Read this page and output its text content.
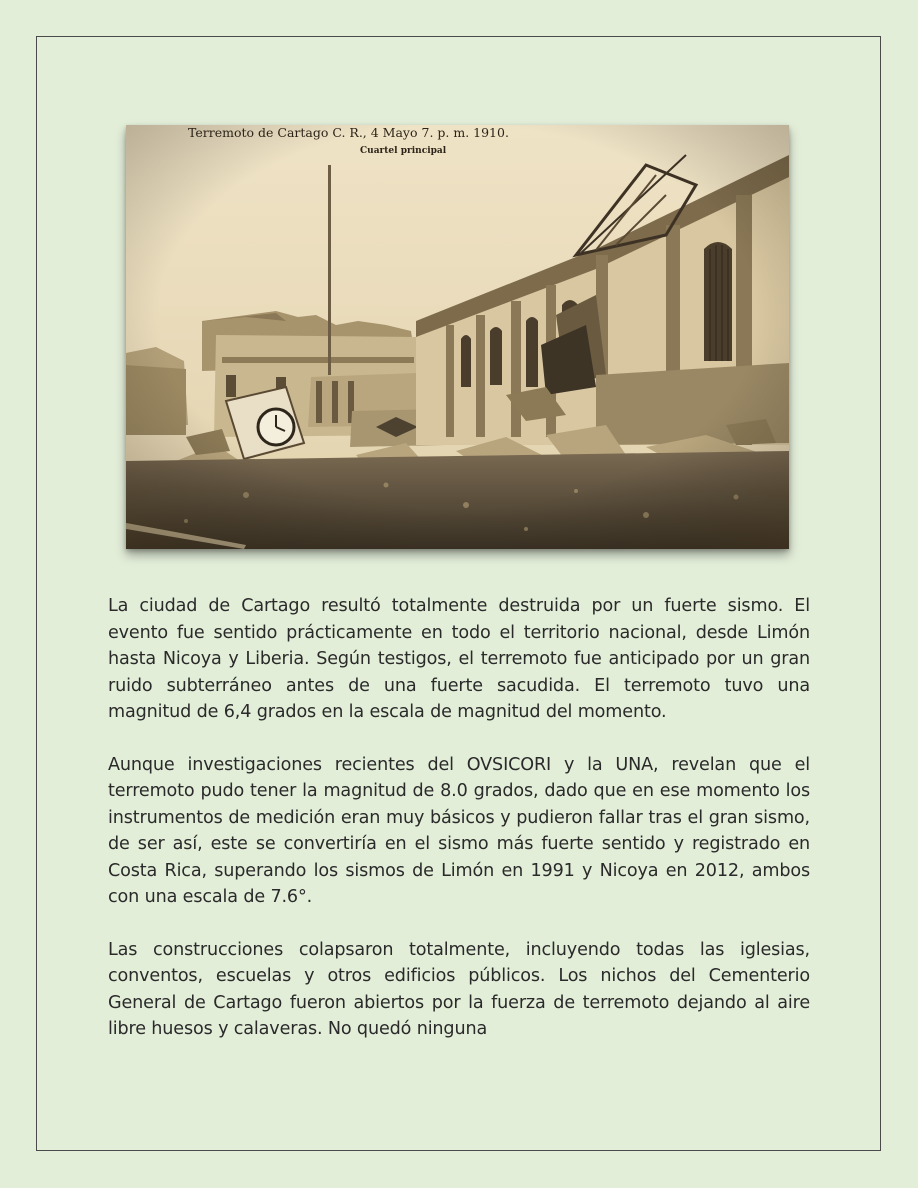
Terremoto de Cartago C. R., 4 Mayo 7. p. m. 1910.
Cuartel principal

La ciudad de Cartago resultó totalmente destruida por un fuerte sismo. El evento fue sentido prácticamente en todo el territorio nacional, desde Limón hasta Nicoya y Liberia. Según testigos, el terremoto fue anticipado por un gran ruido subterráneo antes de una fuerte sacudida. El terremoto tuvo una magnitud de 6,4 grados en la escala de magnitud del momento.

Aunque investigaciones recientes del OVSICORI y la UNA, revelan que el terremoto pudo tener la magnitud de 8.0 grados, dado que en ese momento los instrumentos de medición eran muy básicos y pudieron fallar tras el gran sismo, de ser así, este se convertiría en el sismo más fuerte sentido y registrado en Costa Rica, superando los sismos de Limón en 1991 y Nicoya en 2012, ambos con una escala de 7.6°.

Las construcciones colapsaron totalmente, incluyendo todas las iglesias, conventos, escuelas y otros edificios públicos. Los nichos del Cementerio General de Cartago fueron abiertos por la fuerza de terremoto dejando al aire libre huesos y calaveras. No quedó ninguna
